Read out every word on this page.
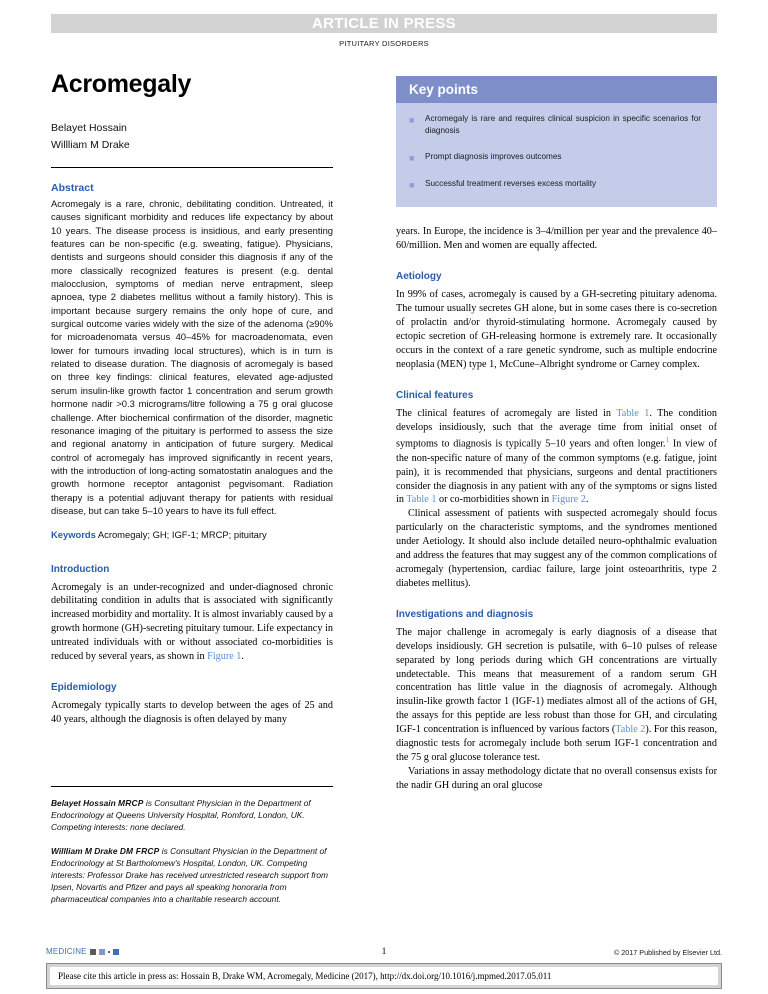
ARTICLE IN PRESS
PITUITARY DISORDERS
Acromegaly
Belayet Hossain
Willliam M Drake
Abstract

Acromegaly is a rare, chronic, debilitating condition. Untreated, it causes significant morbidity and reduces life expectancy by about 10 years. The disease process is insidious, and early presenting features can be non-specific (e.g. sweating, fatigue). Physicians, dentists and surgeons should consider this diagnosis if any of the more classically recognized features is present (e.g. dental malocclusion, symptoms of median nerve entrapment, sleep apnoea, type 2 diabetes mellitus without a family history). This is important because surgery remains the only hope of cure, and surgical outcome varies widely with the size of the adenoma (≥90% for microadenomata versus 40–45% for macroadenomata, even lower for tumours invading local structures), which is in turn is related to disease duration. The diagnosis of acromegaly is based on three key findings: clinical features, elevated age-adjusted serum insulin-like growth factor 1 concentration and serum growth hormone nadir >0.3 micrograms/litre following a 75 g oral glucose challenge. After biochemical confirmation of the disorder, magnetic resonance imaging of the pituitary is performed to assess the size and regional anatomy in anticipation of future surgery. Medical control of acromegaly has improved significantly in recent years, with the introduction of long-acting somatostatin analogues and the growth hormone receptor antagonist pegvisomant. Radiation therapy is a potential adjuvant therapy for patients with residual disease, but can take 5–10 years to have its full effect.

Keywords Acromegaly; GH; IGF-1; MRCP; pituitary

Introduction

Acromegaly is an under-recognized and under-diagnosed chronic debilitating condition in adults that is associated with significantly increased morbidity and mortality. It is almost invariably caused by a growth hormone (GH)-secreting pituitary tumour. Life expectancy in untreated individuals with or without associated co-morbidities is reduced by several years, as shown in Figure 1.

Epidemiology

Acromegaly typically starts to develop between the ages of 25 and 40 years, although the diagnosis is often delayed by many

Belayet Hossain MRCP is Consultant Physician in the Department of Endocrinology at Queens University Hospital, Romford, London, UK. Competing interests: none declared.

Willliam M Drake DM FRCP is Consultant Physician in the Department of Endocrinology at St Bartholomew's Hospital, London, UK. Competing interests: Professor Drake has received unrestricted research support from Ipsen, Novartis and Pfizer and pays all speaking honoraria from pharmaceutical companies into a charitable research account.

Key points
■	Acromegaly is rare and requires clinical suspicion in specific scenarios for diagnosis
■	Prompt diagnosis improves outcomes
■	Successful treatment reverses excess mortality

years. In Europe, the incidence is 3–4/million per year and the prevalence 40–60/million. Men and women are equally affected.

Aetiology

In 99% of cases, acromegaly is caused by a GH-secreting pituitary adenoma. The tumour usually secretes GH alone, but in some cases there is co-secretion of prolactin and/or thyroid-stimulating hormone. Acromegaly caused by ectopic secretion of GH-releasing hormone is extremely rare. It occasionally occurs in the context of a rare genetic syndrome, such as multiple endocrine neoplasia (MEN) type 1, McCune–Albright syndrome or Carney complex.

Clinical features

The clinical features of acromegaly are listed in Table 1. The condition develops insidiously, such that the average time from initial onset of symptoms to diagnosis is typically 5–10 years and often longer.$^1$ In view of the non-specific nature of many of the common symptoms (e.g. fatigue, joint pain), it is recommended that physicians, surgeons and dental practitioners consider the diagnosis in any patient with any of the symptoms or signs listed in Table 1 or co-morbidities shown in Figure 2.

Clinical assessment of patients with suspected acromegaly should focus particularly on the characteristic symptoms, and the syndromes mentioned under Aetiology. It should also include detailed neuro-ophthalmic evaluation and address the features that may suggest any of the common complications of acromegaly (hypertension, cardiac failure, large joint osteoarthritis, type 2 diabetes mellitus).

Investigations and diagnosis

The major challenge in acromegaly is early diagnosis of a disease that develops insidiously. GH secretion is pulsatile, with 6–10 pulses of release separated by long periods during which GH concentrations are virtually undetectable. This means that measurement of a random serum GH concentration has little value in the diagnosis of acromegaly. Although insulin-like growth factor 1 (IGF-1) mediates almost all of the actions of GH, the assays for this peptide are less robust than those for GH, and circulating IGF-1 concentration is influenced by various factors (Table 2). For this reason, diagnostic tests for acromegaly include both serum IGF-1 concentration and the 75 g oral glucose tolerance test.

Variations in assay methodology dictate that no overall consensus exists for the nadir GH during an oral glucose

MEDICINE	1	© 2017 Published by Elsevier Ltd.
Please cite this article in press as: Hossain B, Drake WM, Acromegaly, Medicine (2017), http://dx.doi.org/10.1016/j.mpmed.2017.05.011
